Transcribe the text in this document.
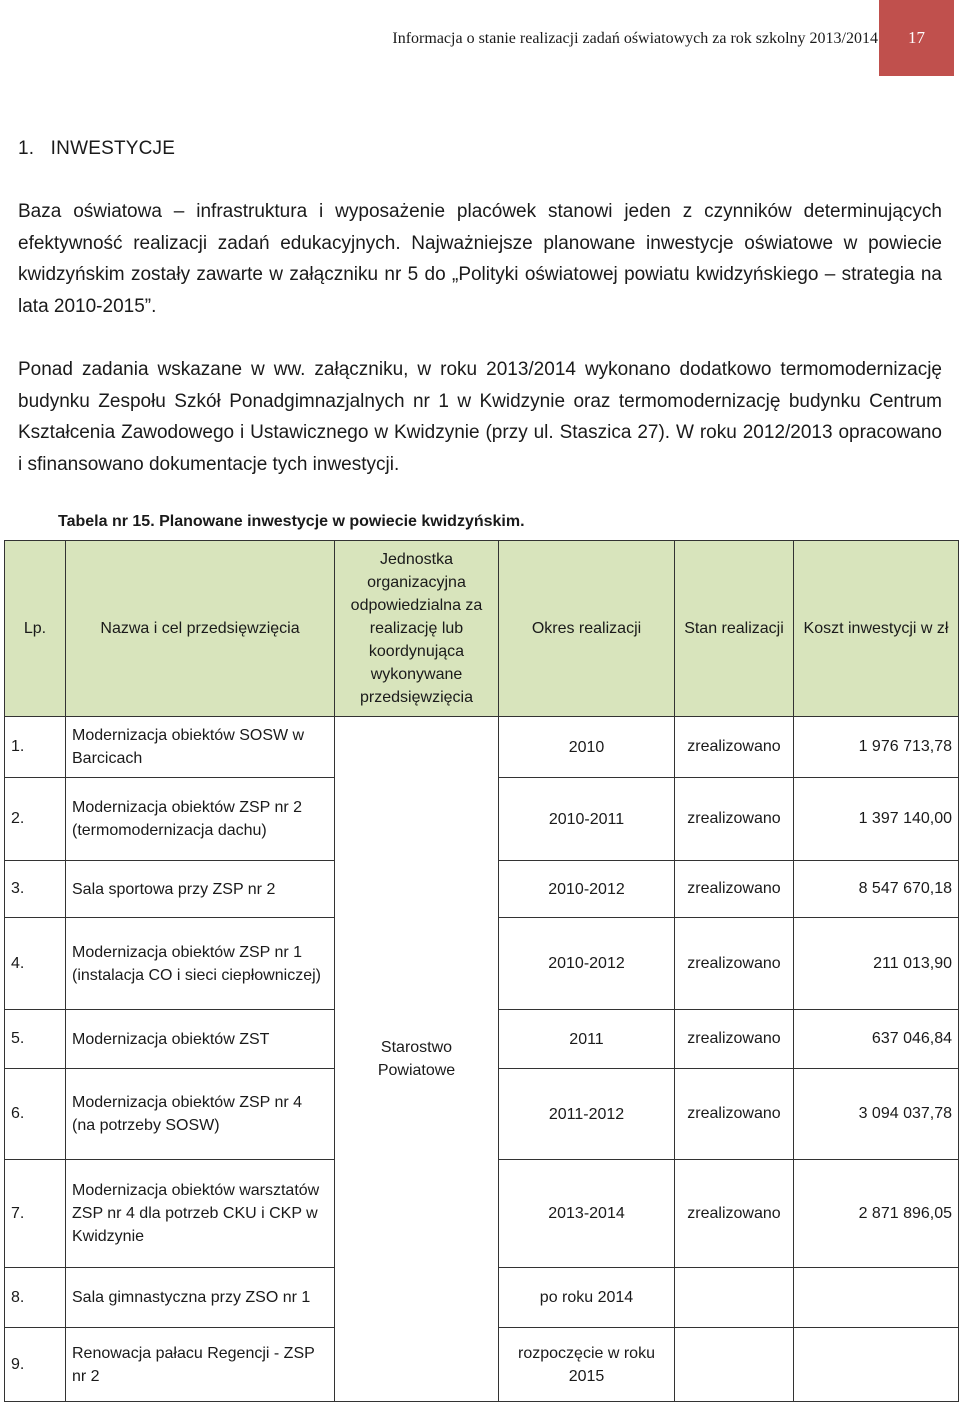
Informacja o stanie realizacji zadań oświatowych za rok szkolny 2013/2014	17
1.   INWESTYCJE

Baza oświatowa – infrastruktura i wyposażenie placówek stanowi jeden z czynników determinujących efektywność realizacji zadań edukacyjnych. Najważniejsze planowane inwestycje oświatowe w powiecie kwidzyńskim zostały zawarte w załączniku nr 5 do „Polityki oświatowej powiatu kwidzyńskiego – strategia na lata 2010-2015”.

Ponad zadania wskazane w ww. załączniku, w roku 2013/2014 wykonano dodatkowo termomodernizację budynku Zespołu Szkół Ponadgimnazjalnych nr 1 w Kwidzynie oraz termomodernizację budynku Centrum Kształcenia Zawodowego i Ustawicznego w Kwidzynie (przy ul. Staszica 27). W roku 2012/2013 opracowano i sfinansowano dokumentacje tych inwestycji.

Tabela nr 15. Planowane inwestycje w powiecie kwidzyńskim.
Lp.	Nazwa i cel przedsięwzięcia	Jednostka organizacyjna odpowiedzialna za realizację lub koordynująca wykonywane przedsięwzięcia	Okres realizacji	Stan realizacji	Koszt inwestycji w zł
1.	Modernizacja obiektów SOSW w Barcicach	Starostwo Powiatowe	2010	zrealizowano	1 976 713,78
2.	Modernizacja obiektów ZSP nr 2 (termomodernizacja dachu)		2010-2011	zrealizowano	1 397 140,00
3.	Sala sportowa przy ZSP nr 2		2010-2012	zrealizowano	8 547 670,18
4.	Modernizacja obiektów ZSP nr 1 (instalacja CO i sieci ciepłowniczej)		2010-2012	zrealizowano	211 013,90
5.	Modernizacja obiektów ZST		2011	zrealizowano	637 046,84
6.	Modernizacja obiektów ZSP nr 4 (na potrzeby SOSW)		2011-2012	zrealizowano	3 094 037,78
7.	Modernizacja obiektów warsztatów ZSP nr 4 dla potrzeb CKU i CKP w Kwidzynie		2013-2014	zrealizowano	2 871 896,05
8.	Sala gimnastyczna przy ZSO nr 1		po roku 2014		
9.	Renowacja pałacu Regencji - ZSP nr 2		rozpoczęcie w roku 2015		
